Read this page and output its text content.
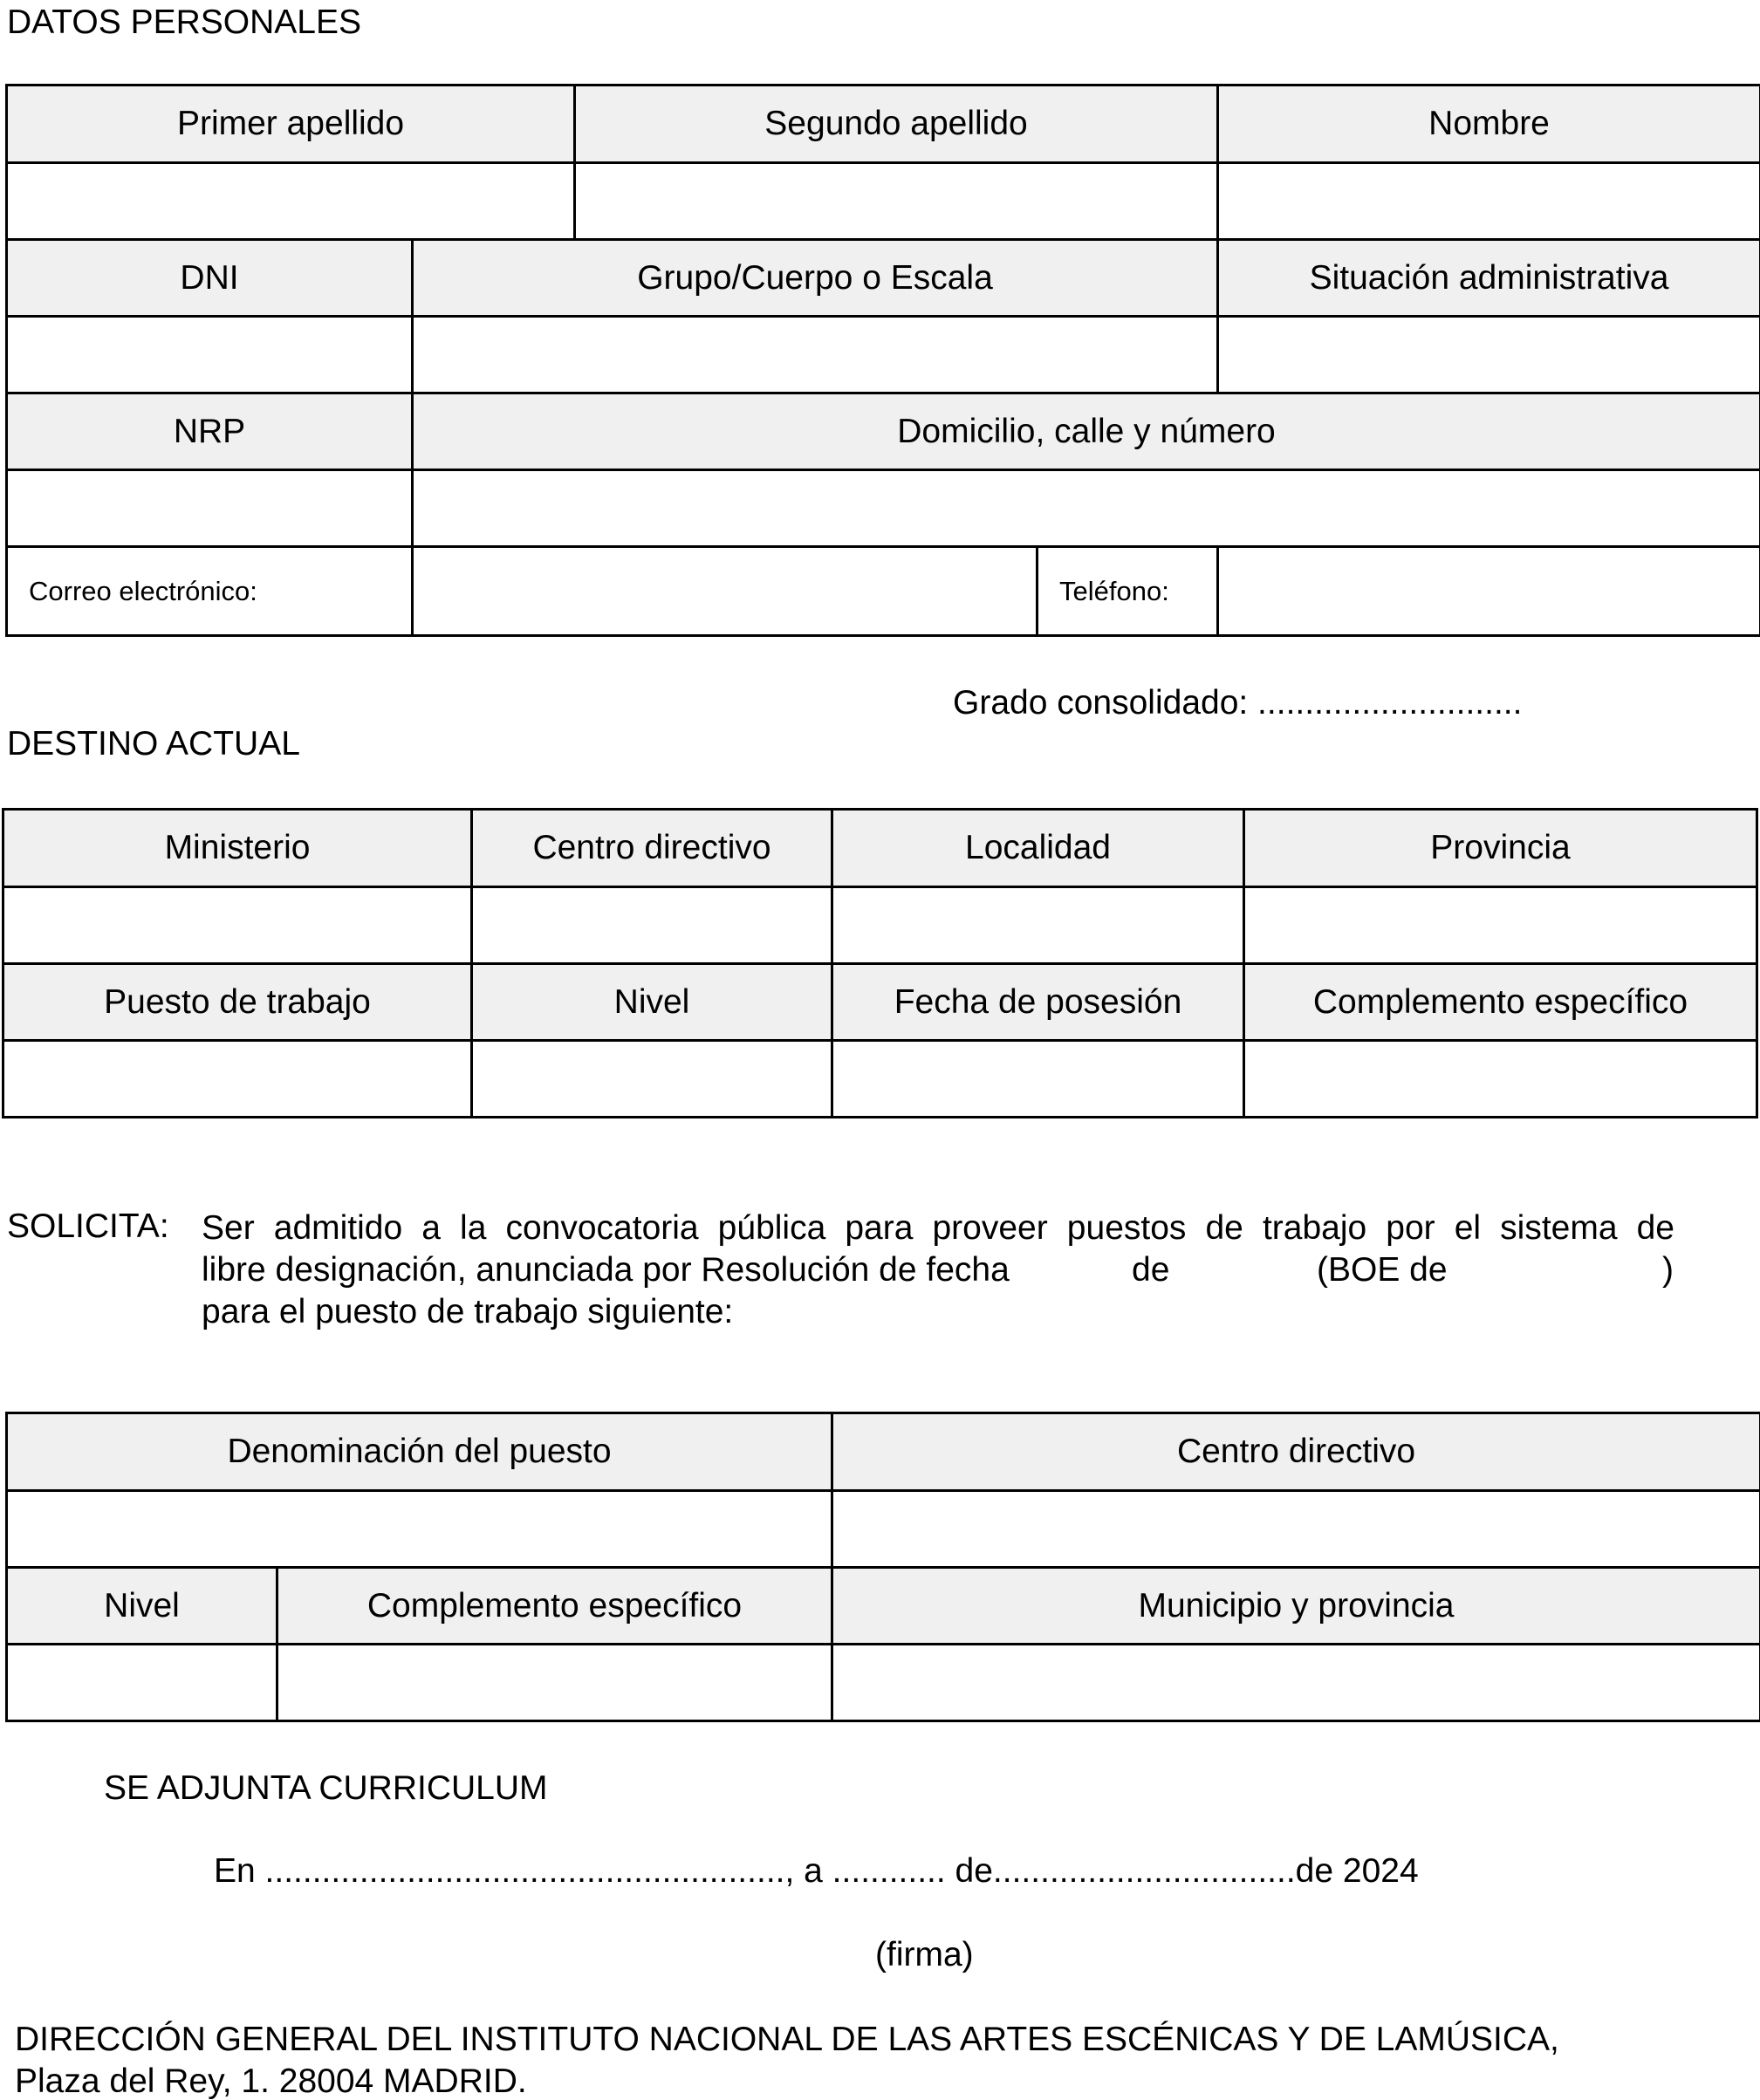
DATOS PERSONALES
Primer apellido		Segundo apellido		Nombre

DNI	Grupo/Cuerpo o Escala			Situación administrativa

NRP	Domicilio, calle y número			

Correo electrónico:			Teléfono:	
Grado consolidado: ............................
DESTINO ACTUAL
Ministerio	Centro directivo	Localidad	Provincia

Puesto de trabajo	Nivel	Fecha de posesión	Complemento específico

SOLICITA: Ser admitido a la convocatoria pública para proveer puestos de trabajo por el sistema de
libre designación, anunciada por Resolución de fecha	de	(BOE de	)
para el puesto de trabajo siguiente:
Denominación del puesto		Centro directivo

Nivel	Complemento específico	Municipio y provincia

SE ADJUNTA CURRICULUM
En ......................................................., a ............ de................................de 2024
(firma)
DIRECCIÓN GENERAL DEL INSTITUTO NACIONAL DE LAS ARTES ESCÉNICAS Y DE LAMÚSICA,
Plaza del Rey, 1. 28004 MADRID.
